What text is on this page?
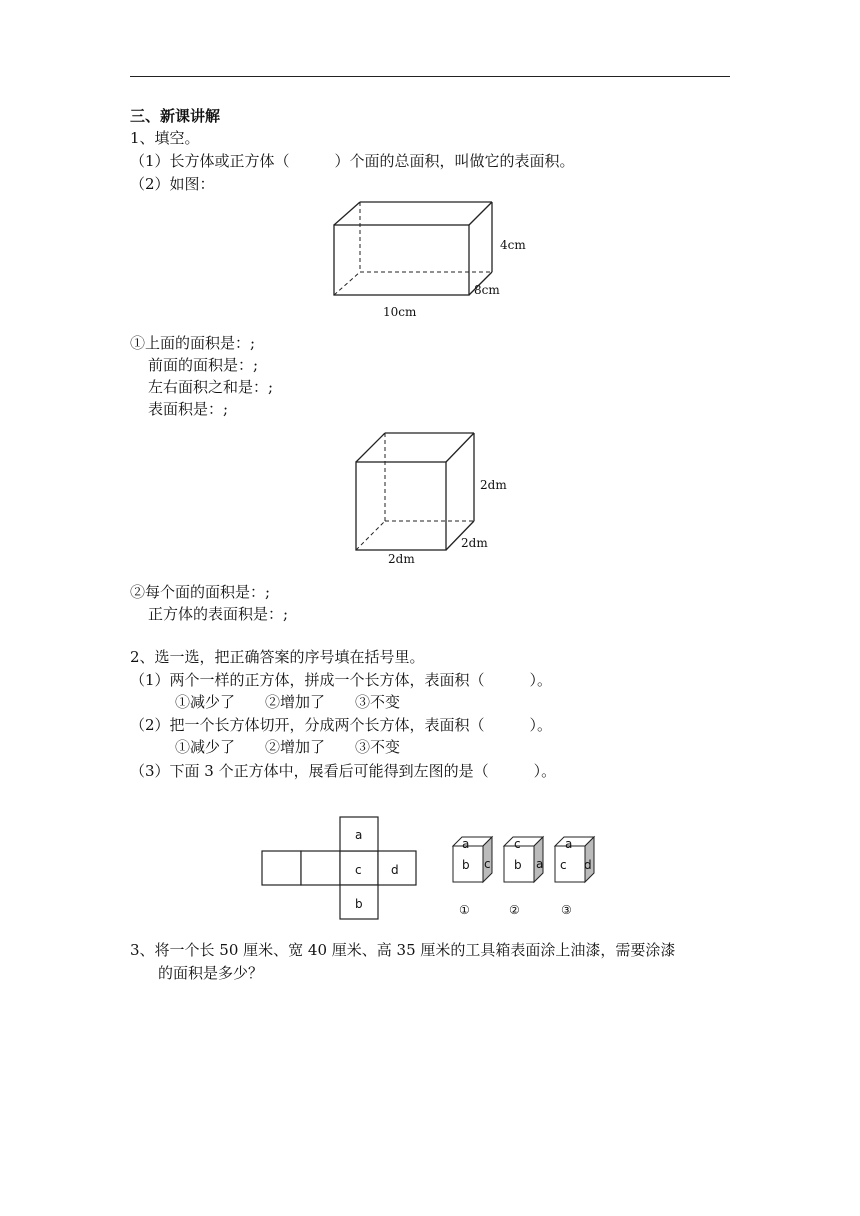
三、新课讲解
1、填空。
（1）长方体或正方体（　　　）个面的总面积，叫做它的表面积。
（2）如图：
4cm
8cm
10cm
①上面的面积是：;
前面的面积是：;
左右面积之和是：;
表面积是：;
2dm
2dm
2dm
②每个面的面积是：;
正方体的表面积是：;
2、选一选，把正确答案的序号填在括号里。
（1）两个一样的正方体，拼成一个长方体，表面积（　　　）。
①减少了　　②增加了　　③不变
（2）把一个长方体切开，分成两个长方体，表面积（　　　）。
①减少了　　②增加了　　③不变
（3）下面 3 个正方体中，展看后可能得到左图的是（　　　）。
a
c d
b
a
b c
①
c
b a
②
a
c d
③
3、将一个长 50 厘米、宽 40 厘米、高 35 厘米的工具箱表面涂上油漆，需要涂漆
的面积是多少？
